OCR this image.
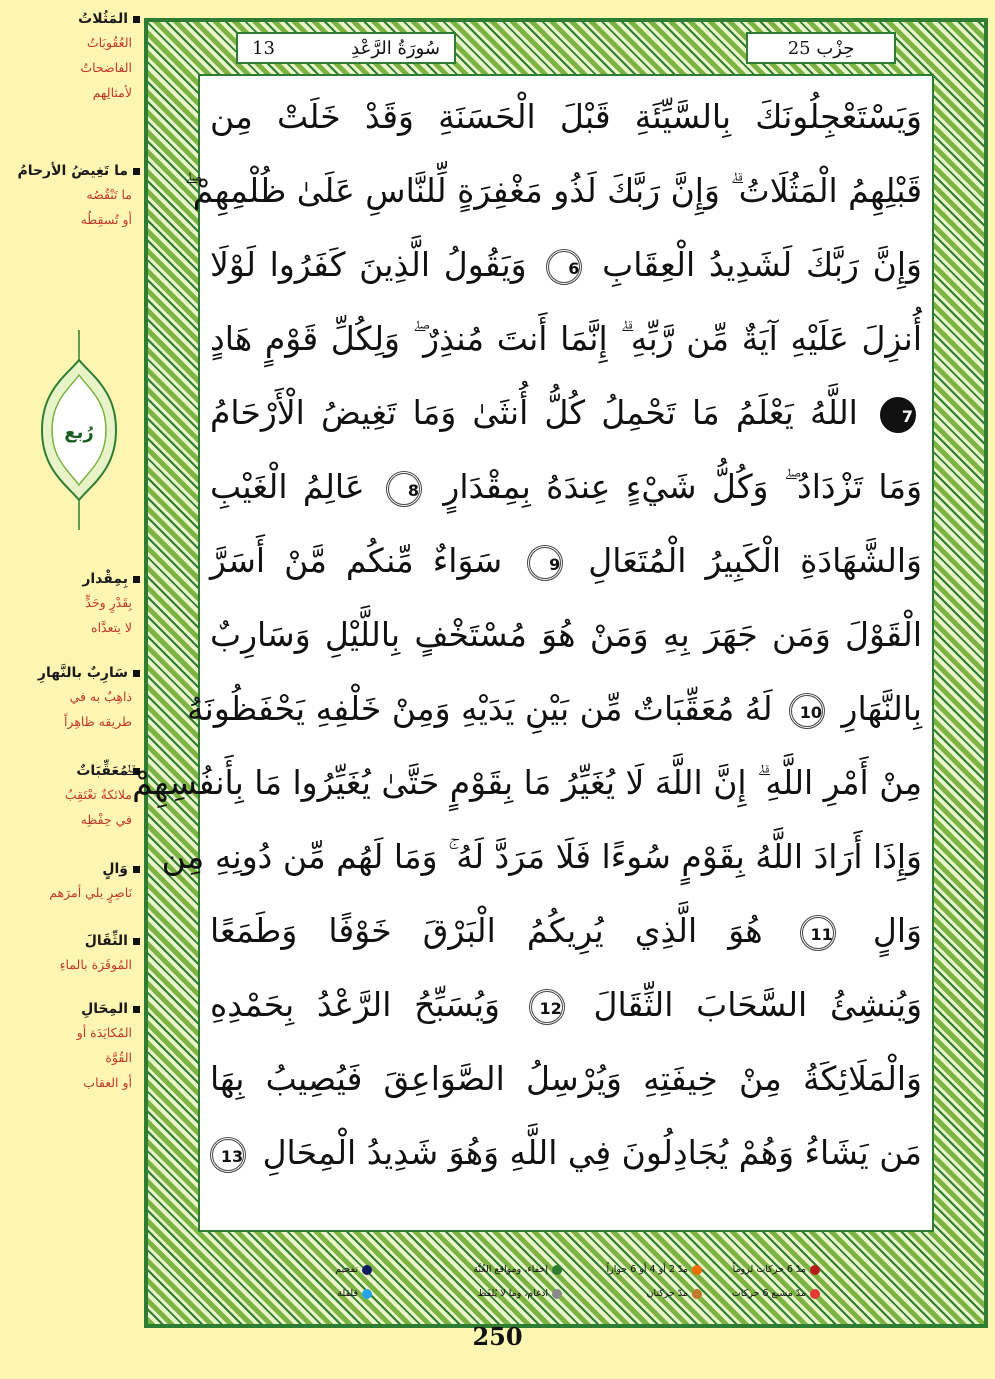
المَثُلاتُ
العُقُوبَاتُ
الفاضحاتُ
لأمثالِهم
ما تَغِيضُ الأرحامُ
ما تَنْقُصُه
أو تُسقِطُه
رُبع
بِمِقْدار
بِقَدْرٍ وحَدٍّ
لا يتعدَّاه
سَارِبٌ بالنَّهارِ
ذاهِبٌ به في
طريقه ظاهِراً
مُعَقِّبَاتٌ
ملائكةٌ تعْتَقِبُ
في حِفْظِه
وَالٍ
نَاصِرٍ يلي أمرَهم
الثِّقَالَ
المُوقَرَة بالماءِ
المِحَالِ
المُكايَدَة أو
القُوَّة
أو العقاب
13	سُورَةُ الرَّعْدِ	حِزْب 25
وَيَسْتَعْجِلُونَكَ بِالسَّيِّئَةِ قَبْلَ الْحَسَنَةِ وَقَدْ خَلَتْ مِن
قَبْلِهِمُ الْمَثُلَاتُ ۗ وَإِنَّ رَبَّكَ لَذُو مَغْفِرَةٍ لِّلنَّاسِ عَلَىٰ ظُلْمِهِمْ ۖ
وَإِنَّ رَبَّكَ لَشَدِيدُ الْعِقَابِ 6 وَيَقُولُ الَّذِينَ كَفَرُوا لَوْلَا
أُنزِلَ عَلَيْهِ آيَةٌ مِّن رَّبِّهِ ۗ إِنَّمَا أَنتَ مُنذِرٌ ۖ وَلِكُلِّ قَوْمٍ هَادٍ
7 اللَّهُ يَعْلَمُ مَا تَحْمِلُ كُلُّ أُنثَىٰ وَمَا تَغِيضُ الْأَرْحَامُ
وَمَا تَزْدَادُ ۖ وَكُلُّ شَيْءٍ عِندَهُ بِمِقْدَارٍ 8 عَالِمُ الْغَيْبِ
وَالشَّهَادَةِ الْكَبِيرُ الْمُتَعَالِ 9 سَوَاءٌ مِّنكُم مَّنْ أَسَرَّ
الْقَوْلَ وَمَن جَهَرَ بِهِ وَمَنْ هُوَ مُسْتَخْفٍ بِاللَّيْلِ وَسَارِبٌ
بِالنَّهَارِ 10 لَهُ مُعَقِّبَاتٌ مِّن بَيْنِ يَدَيْهِ وَمِنْ خَلْفِهِ يَحْفَظُونَهُ
مِنْ أَمْرِ اللَّهِ ۗ إِنَّ اللَّهَ لَا يُغَيِّرُ مَا بِقَوْمٍ حَتَّىٰ يُغَيِّرُوا مَا بِأَنفُسِهِمْ ۗ
وَإِذَا أَرَادَ اللَّهُ بِقَوْمٍ سُوءًا فَلَا مَرَدَّ لَهُ ۚ وَمَا لَهُم مِّن دُونِهِ مِن
وَالٍ 11 هُوَ الَّذِي يُرِيكُمُ الْبَرْقَ خَوْفًا وَطَمَعًا
وَيُنشِئُ السَّحَابَ الثِّقَالَ 12 وَيُسَبِّحُ الرَّعْدُ بِحَمْدِهِ
وَالْمَلَائِكَةُ مِنْ خِيفَتِهِ وَيُرْسِلُ الصَّوَاعِقَ فَيُصِيبُ بِهَا
مَن يَشَاءُ وَهُمْ يُجَادِلُونَ فِي اللَّهِ وَهُوَ شَدِيدُ الْمِحَالِ 13
مدّ 6 حركات لزوماً
مدّ مشبع 6 حركات
مدّ 2 أو 4 أو 6 جوازاً
مدّ حركتان
إخفاء، ومواقع الغُنَّة
ادغام، وما لا يُلفَظ
تفخيم
قلقلة
250
